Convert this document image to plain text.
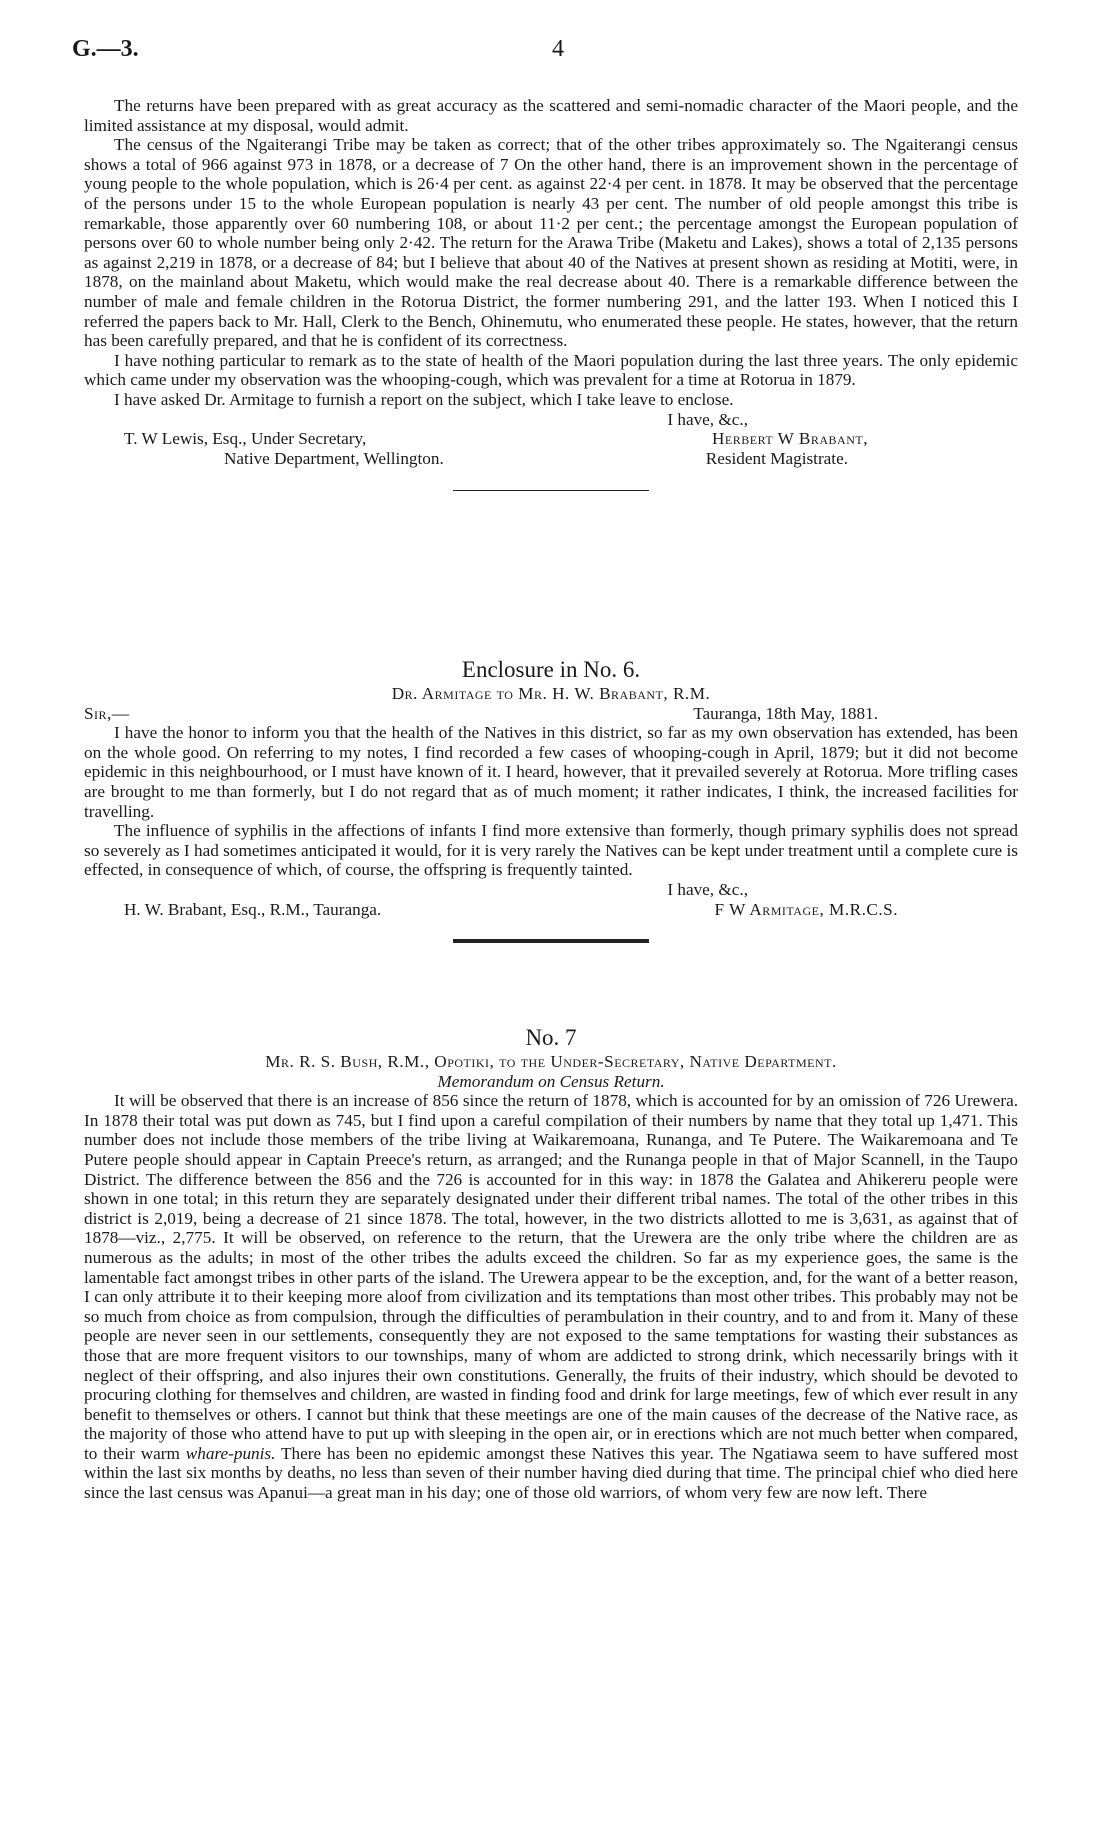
G.—3.	4

The returns have been prepared with as great accuracy as the scattered and semi-nomadic character of the Maori people, and the limited assistance at my disposal, would admit.

The census of the Ngaiterangi Tribe may be taken as correct; that of the other tribes approximately so. The Ngaiterangi census shows a total of 966 against 973 in 1878, or a decrease of 7 On the other hand, there is an improvement shown in the percentage of young people to the whole population, which is 26·4 per cent. as against 22·4 per cent. in 1878. It may be observed that the percentage of the persons under 15 to the whole European population is nearly 43 per cent. The number of old people amongst this tribe is remarkable, those apparently over 60 numbering 108, or about 11·2 per cent.; the percentage amongst the European population of persons over 60 to whole number being only 2·42. The return for the Arawa Tribe (Maketu and Lakes), shows a total of 2,135 persons as against 2,219 in 1878, or a decrease of 84; but I believe that about 40 of the Natives at present shown as residing at Motiti, were, in 1878, on the mainland about Maketu, which would make the real decrease about 40. There is a remarkable difference between the number of male and female children in the Rotorua District, the former numbering 291, and the latter 193. When I noticed this I referred the papers back to Mr. Hall, Clerk to the Bench, Ohinemutu, who enumerated these people. He states, however, that the return has been carefully prepared, and that he is confident of its correctness.

I have nothing particular to remark as to the state of health of the Maori population during the last three years. The only epidemic which came under my observation was the whooping-cough, which was prevalent for a time at Rotorua in 1879.

I have asked Dr. Armitage to furnish a report on the subject, which I take leave to enclose.

I have, &c.,

T. W Lewis, Esq., Under Secretary,	Herbert W Brabant,
Native Department, Wellington.	Resident Magistrate.
Enclosure in No. 6.
Dr. Armitage to Mr. H. W. Brabant, R.M.
Sir,—	Tauranga, 18th May, 1881.

I have the honor to inform you that the health of the Natives in this district, so far as my own observation has extended, has been on the whole good. On referring to my notes, I find recorded a few cases of whooping-cough in April, 1879; but it did not become epidemic in this neighbourhood, or I must have known of it. I heard, however, that it prevailed severely at Rotorua. More trifling cases are brought to me than formerly, but I do not regard that as of much moment; it rather indicates, I think, the increased facilities for travelling.

The influence of syphilis in the affections of infants I find more extensive than formerly, though primary syphilis does not spread so severely as I had sometimes anticipated it would, for it is very rarely the Natives can be kept under treatment until a complete cure is effected, in consequence of which, of course, the offspring is frequently tainted.

I have, &c.,

H. W. Brabant, Esq., R.M., Tauranga.	F W Armitage, M.R.C.S.
No. 7
Mr. R. S. Bush, R.M., Opotiki, to the Under-Secretary, Native Department.
Memorandum on Census Return.

It will be observed that there is an increase of 856 since the return of 1878, which is accounted for by an omission of 726 Urewera. In 1878 their total was put down as 745, but I find upon a careful compilation of their numbers by name that they total up 1,471. This number does not include those members of the tribe living at Waikaremoana, Runanga, and Te Putere. The Waikaremoana and Te Putere people should appear in Captain Preece's return, as arranged; and the Runanga people in that of Major Scannell, in the Taupo District. The difference between the 856 and the 726 is accounted for in this way: in 1878 the Galatea and Ahikereru people were shown in one total; in this return they are separately designated under their different tribal names. The total of the other tribes in this district is 2,019, being a decrease of 21 since 1878. The total, however, in the two districts allotted to me is 3,631, as against that of 1878—viz., 2,775. It will be observed, on reference to the return, that the Urewera are the only tribe where the children are as numerous as the adults; in most of the other tribes the adults exceed the children. So far as my experience goes, the same is the lamentable fact amongst tribes in other parts of the island. The Urewera appear to be the exception, and, for the want of a better reason, I can only attribute it to their keeping more aloof from civilization and its temptations than most other tribes. This probably may not be so much from choice as from compulsion, through the difficulties of perambulation in their country, and to and from it. Many of these people are never seen in our settlements, consequently they are not exposed to the same temptations for wasting their substances as those that are more frequent visitors to our townships, many of whom are addicted to strong drink, which necessarily brings with it neglect of their offspring, and also injures their own constitutions. Generally, the fruits of their industry, which should be devoted to procuring clothing for themselves and children, are wasted in finding food and drink for large meetings, few of which ever result in any benefit to themselves or others. I cannot but think that these meetings are one of the main causes of the decrease of the Native race, as the majority of those who attend have to put up with sleeping in the open air, or in erections which are not much better when compared, to their warm whare-punis. There has been no epidemic amongst these Natives this year. The Ngatiawa seem to have suffered most within the last six months by deaths, no less than seven of their number having died during that time. The principal chief who died here since the last census was Apanui—a great man in his day; one of those old warriors, of whom very few are now left. There
